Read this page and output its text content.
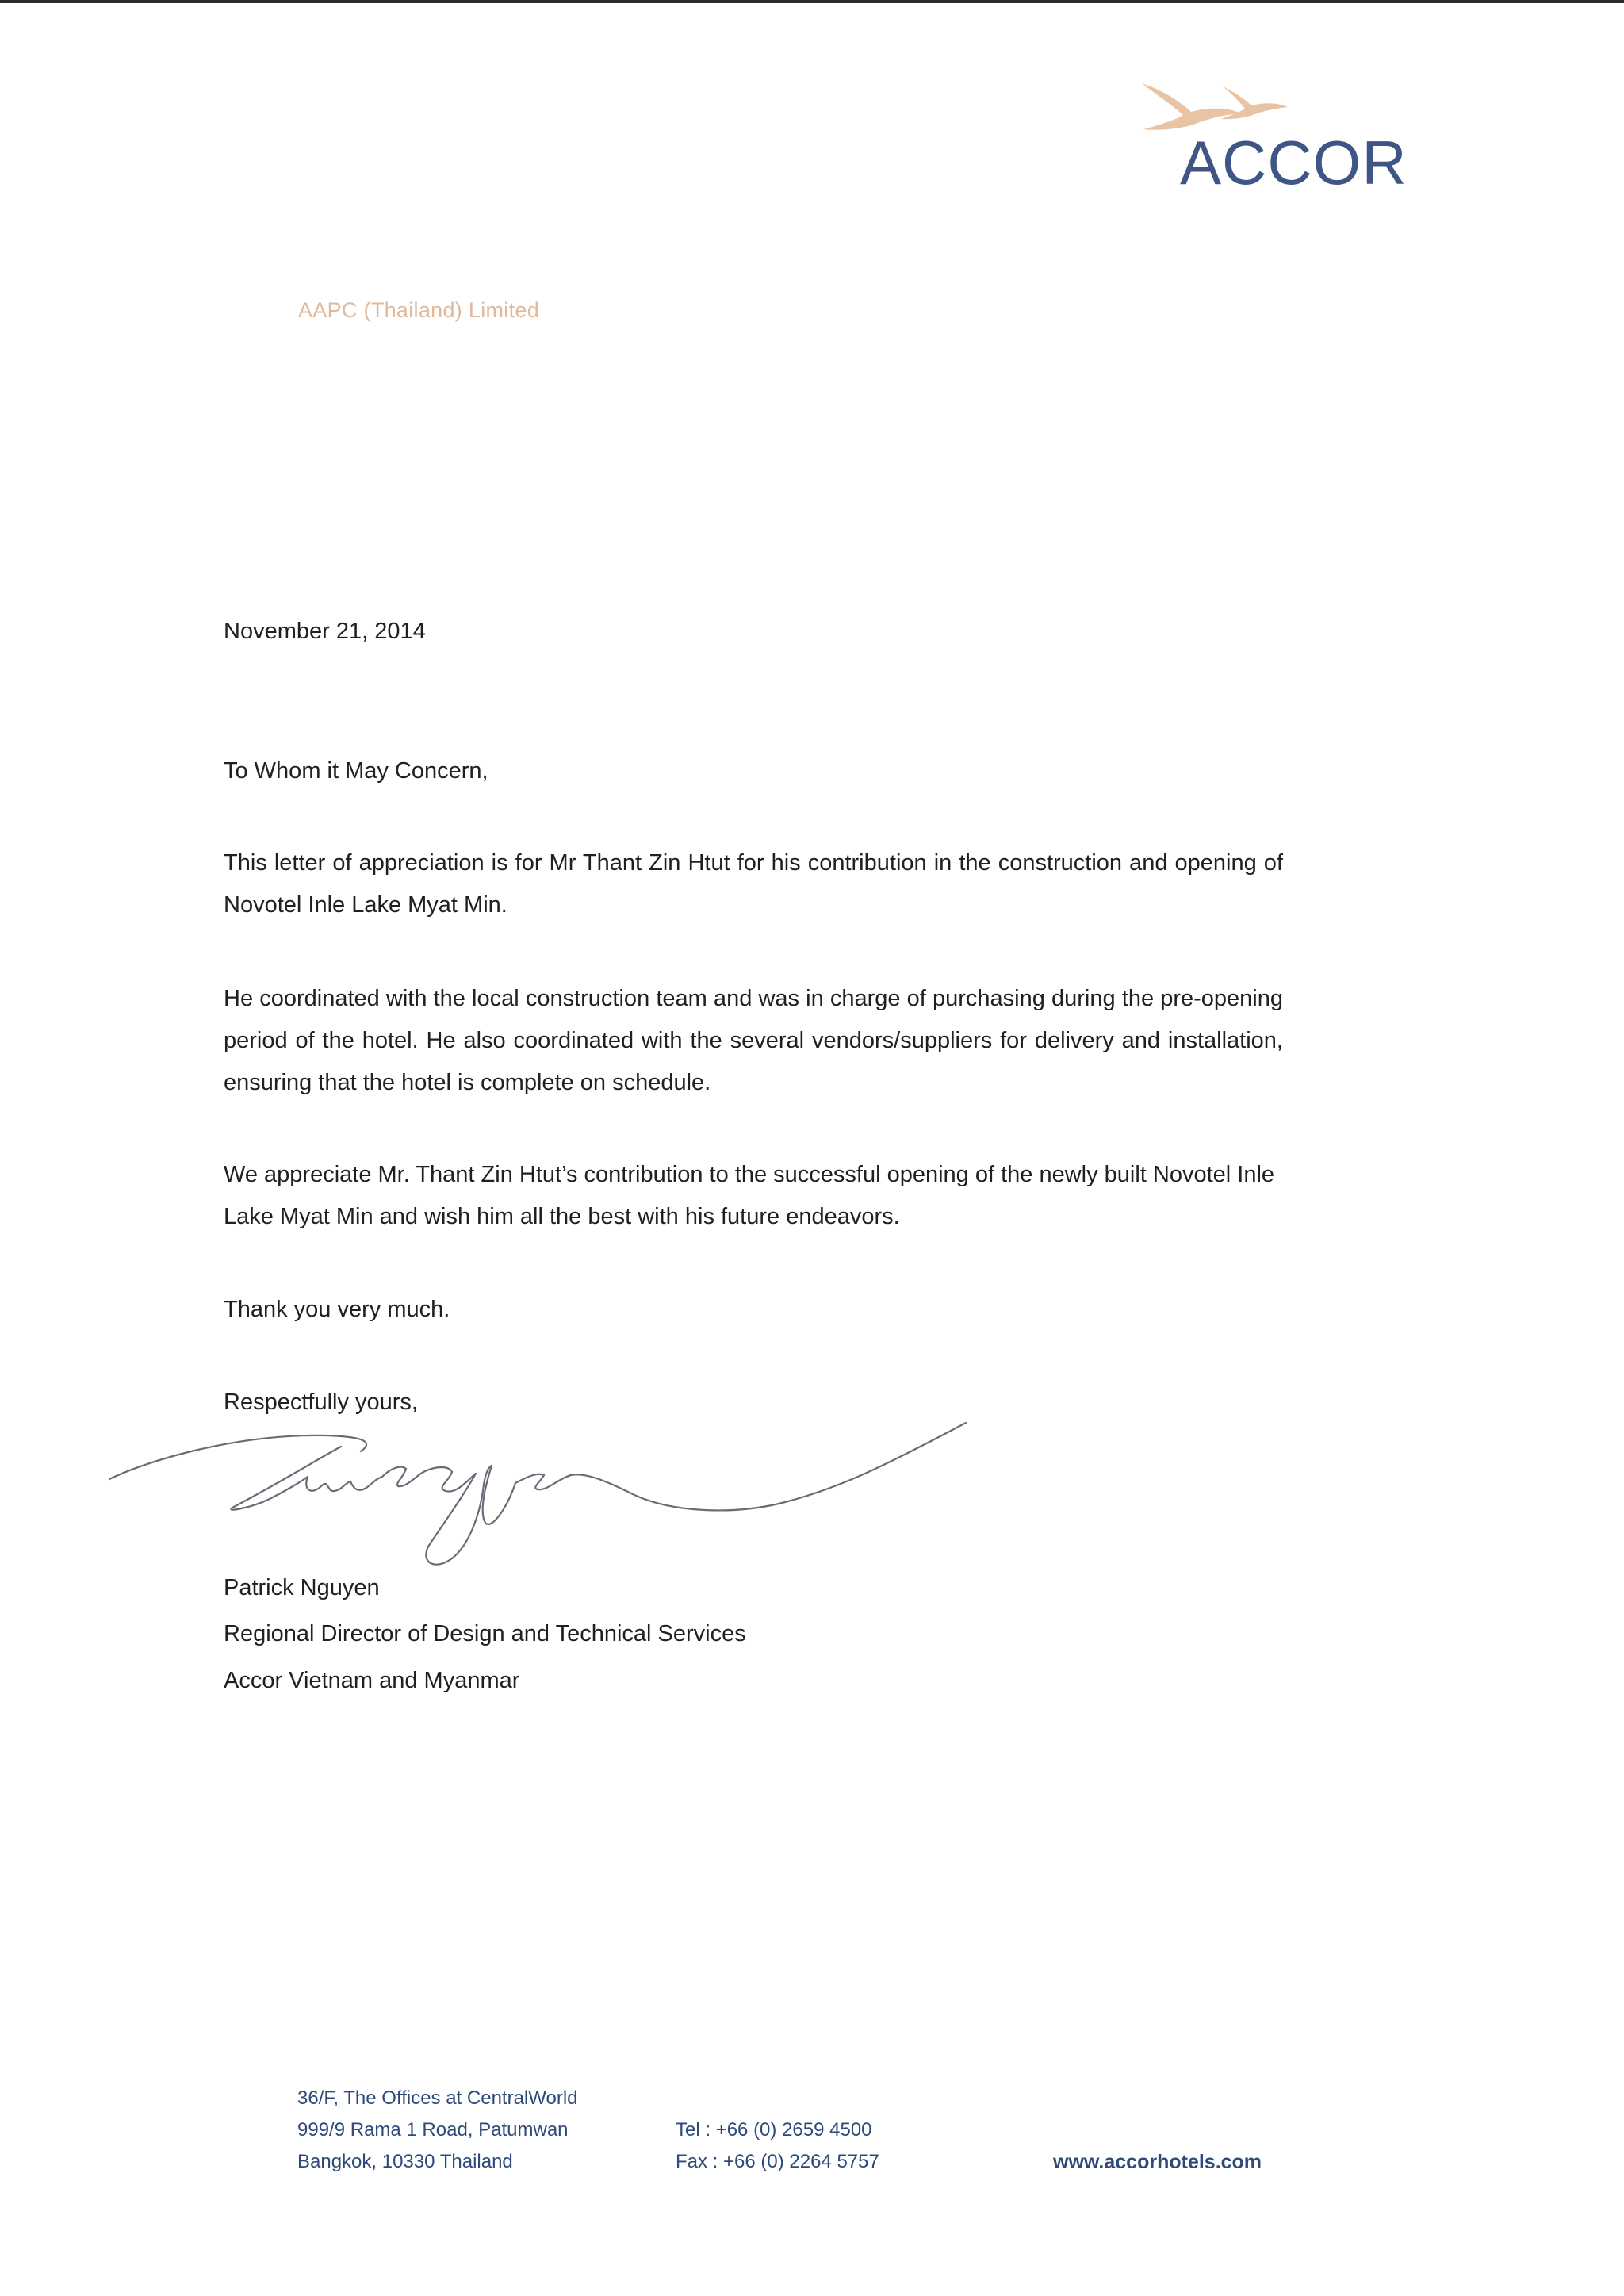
ACCOR
AAPC (Thailand) Limited
November 21, 2014
To Whom it May Concern,
This letter of appreciation is for Mr Thant Zin Htut for his contribution in the construction and opening of Novotel Inle Lake Myat Min.
He coordinated with the local construction team and was in charge of purchasing during the pre-opening period of the hotel. He also coordinated with the several vendors/suppliers for delivery and installation, ensuring that the hotel is complete on schedule.
We appreciate Mr. Thant Zin Htut’s contribution to the successful opening of the newly built Novotel Inle Lake Myat Min and wish him all the best with his future endeavors.
Thank you very much.
Respectfully yours,
Patrick Nguyen
Regional Director of Design and Technical Services
Accor Vietnam and Myanmar
36/F, The Offices at CentralWorld
999/9 Rama 1 Road, Patumwan
Bangkok, 10330 Thailand
Tel : +66 (0) 2659 4500
Fax : +66 (0) 2264 5757	www.accorhotels.com
